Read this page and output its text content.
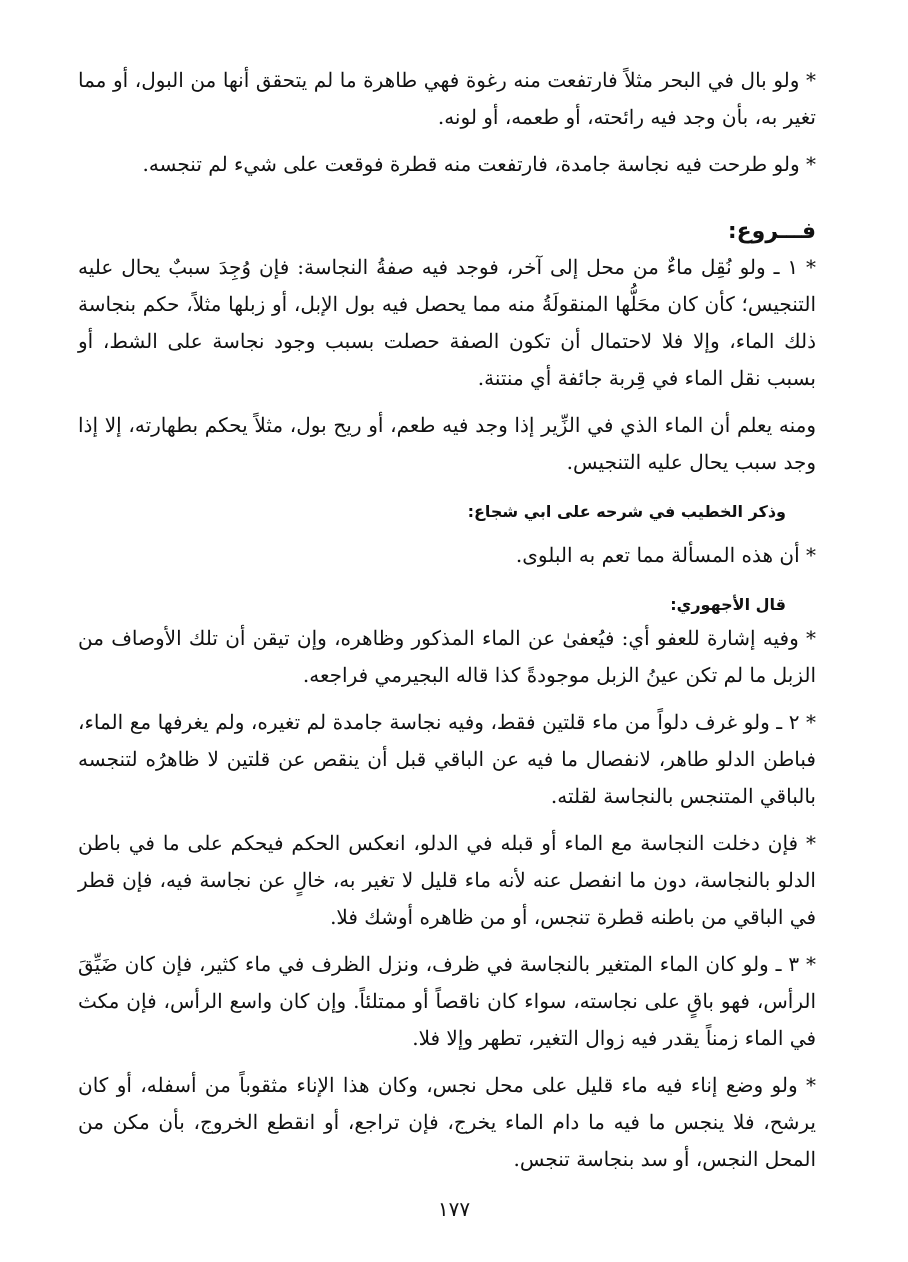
* ولو بال في البحر مثلاً فارتفعت منه رغوة فهي طاهرة ما لم يتحقق أنها من البول، أو مما تغير به، بأن وجد فيه رائحته، أو طعمه، أو لونه.

* ولو طرحت فيه نجاسة جامدة، فارتفعت منه قطرة فوقعت على شيء لم تنجسه.

فـــروع:

* ١ ـ ولو نُقِل ماءٌ من محل إلى آخر، فوجد فيه صفةُ النجاسة: فإن وُجِدَ سببٌ يحال عليه التنجيس؛ كأن كان محَلُّها المنقولَةُ منه مما يحصل فيه بول الإبل، أو زبلها مثلاً، حكم بنجاسة ذلك الماء، وإلا فلا لاحتمال أن تكون الصفة حصلت بسبب وجود نجاسة على الشط، أو بسبب نقل الماء في قِربة جائفة أي منتنة.

ومنه يعلم أن الماء الذي في الزِّير إذا وجد فيه طعم، أو ريح بول، مثلاً يحكم بطهارته، إلا إذا وجد سبب يحال عليه التنجيس.

وذكر الخطيب في شرحه على ابي شجاع:

* أن هذه المسألة مما تعم به البلوى.

قال الأجهوري:

* وفيه إشارة للعفو أي: فيُعفىٰ عن الماء المذكور وظاهره، وإن تيقن أن تلك الأوصاف من الزبل ما لم تكن عينُ الزبل موجودةً كذا قاله البجيرمي فراجعه.

* ٢ ـ ولو غرف دلواً من ماء قلتين فقط، وفيه نجاسة جامدة لم تغيره، ولم يغرفها مع الماء، فباطن الدلو طاهر، لانفصال ما فيه عن الباقي قبل أن ينقص عن قلتين لا ظاهرُه لتنجسه بالباقي المتنجس بالنجاسة لقلته.

* فإن دخلت النجاسة مع الماء أو قبله في الدلو، انعكس الحكم فيحكم على ما في باطن الدلو بالنجاسة، دون ما انفصل عنه لأنه ماء قليل لا تغير به، خالٍ عن نجاسة فيه، فإن قطر في الباقي من باطنه قطرة تنجس، أو من ظاهره أوشك فلا.

* ٣ ـ ولو كان الماء المتغير بالنجاسة في ظرف، ونزل الظرف في ماء كثير، فإن كان ضَيِّقَ الرأس، فهو باقٍ على نجاسته، سواء كان ناقصاً أو ممتلئاً. وإن كان واسع الرأس، فإن مكث في الماء زمناً يقدر فيه زوال التغير، تطهر وإلا فلا.

* ولو وضع إناء فيه ماء قليل على محل نجس، وكان هذا الإناء مثقوباً من أسفله، أو كان يرشح، فلا ينجس ما فيه ما دام الماء يخرج، فإن تراجع، أو انقطع الخروج، بأن مكن من المحل النجس، أو سد بنجاسة تنجس.

١٧٧
